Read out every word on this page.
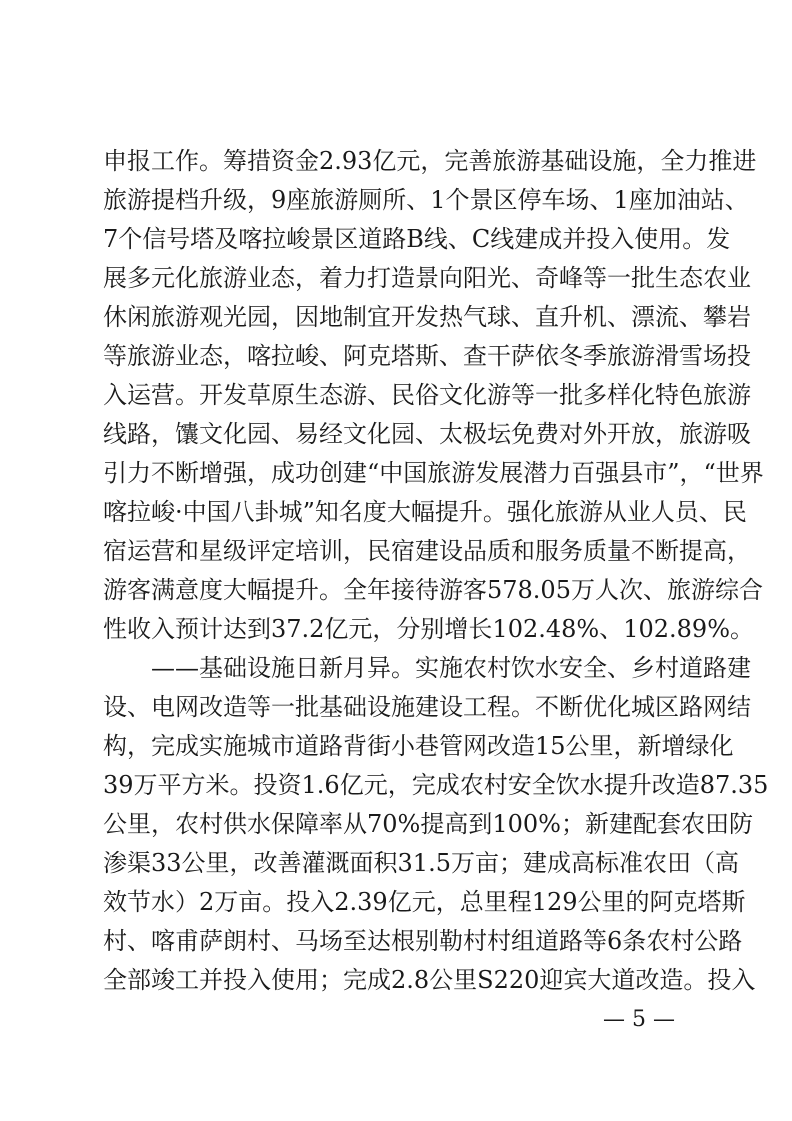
申报工作。筹措资金2.93亿元，完善旅游基础设施，全力推进
旅游提档升级，9座旅游厕所、1个景区停车场、1座加油站、
7个信号塔及喀拉峻景区道路B线、C线建成并投入使用。发
展多元化旅游业态，着力打造景向阳光、奇峰等一批生态农业
休闲旅游观光园，因地制宜开发热气球、直升机、漂流、攀岩
等旅游业态，喀拉峻、阿克塔斯、查干萨依冬季旅游滑雪场投
入运营。开发草原生态游、民俗文化游等一批多样化特色旅游
线路，馕文化园、易经文化园、太极坛免费对外开放，旅游吸
引力不断增强，成功创建“中国旅游发展潜力百强县市”，“世界
喀拉峻·中国八卦城”知名度大幅提升。强化旅游从业人员、民
宿运营和星级评定培训，民宿建设品质和服务质量不断提高，
游客满意度大幅提升。全年接待游客578.05万人次、旅游综合
性收入预计达到37.2亿元，分别增长102.48%、102.89%。
　　——基础设施日新月异。实施农村饮水安全、乡村道路建
设、电网改造等一批基础设施建设工程。不断优化城区路网结
构，完成实施城市道路背街小巷管网改造15公里，新增绿化
39万平方米。投资1.6亿元，完成农村安全饮水提升改造87.35
公里，农村供水保障率从70%提高到100%；新建配套农田防
渗渠33公里，改善灌溉面积31.5万亩；建成高标准农田（高
效节水）2万亩。投入2.39亿元，总里程129公里的阿克塔斯
村、喀甫萨朗村、马场至达根别勒村村组道路等6条农村公路
全部竣工并投入使用；完成2.8公里S220迎宾大道改造。投入
— 5 —
